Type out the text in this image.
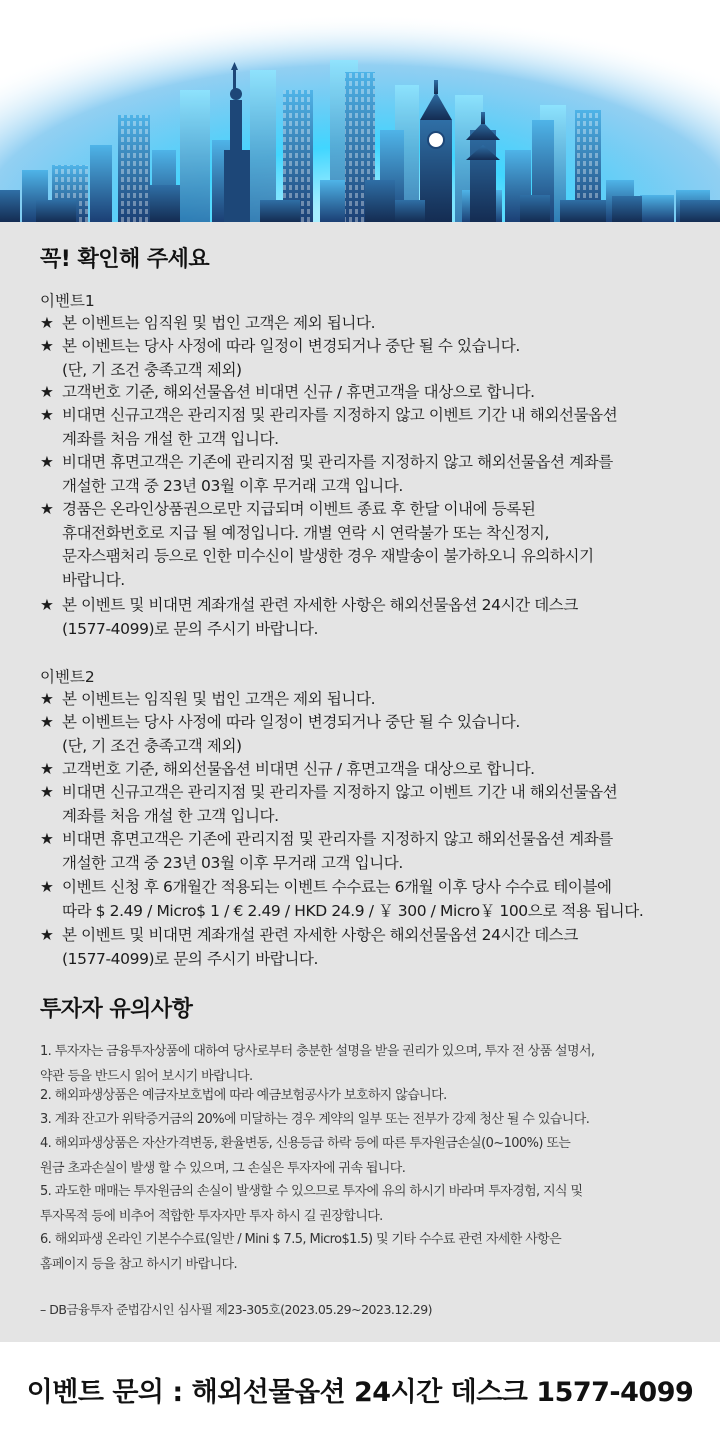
꼭! 확인해 주세요
이벤트1
★ 본 이벤트는 임직원 및 법인 고객은 제외 됩니다.
★ 본 이벤트는 당사 사정에 따라 일정이 변경되거나 중단 될 수 있습니다.
(단, 기 조건 충족고객 제외)
★ 고객번호 기준, 해외선물옵션 비대면 신규 / 휴면고객을 대상으로 합니다.
★ 비대면 신규고객은 관리지점 및 관리자를 지정하지 않고 이벤트 기간 내 해외선물옵션
계좌를 처음 개설 한 고객 입니다.
★ 비대면 휴면고객은 기존에 관리지점 및 관리자를 지정하지 않고 해외선물옵션 계좌를
개설한 고객 중 23년 03월 이후 무거래 고객 입니다.
★ 경품은 온라인상품권으로만 지급되며 이벤트 종료 후 한달 이내에 등록된
휴대전화번호로 지급 될 예정입니다. 개별 연락 시 연락불가 또는 착신정지,
문자스팸처리 등으로 인한 미수신이 발생한 경우 재발송이 불가하오니 유의하시기
바랍니다.
★ 본 이벤트 및 비대면 계좌개설 관련 자세한 사항은 해외선물옵션 24시간 데스크
(1577-4099)로 문의 주시기 바랍니다.
이벤트2
★ 본 이벤트는 임직원 및 법인 고객은 제외 됩니다.
★ 본 이벤트는 당사 사정에 따라 일정이 변경되거나 중단 될 수 있습니다.
(단, 기 조건 충족고객 제외)
★ 고객번호 기준, 해외선물옵션 비대면 신규 / 휴면고객을 대상으로 합니다.
★ 비대면 신규고객은 관리지점 및 관리자를 지정하지 않고 이벤트 기간 내 해외선물옵션
계좌를 처음 개설 한 고객 입니다.
★ 비대면 휴면고객은 기존에 관리지점 및 관리자를 지정하지 않고 해외선물옵션 계좌를
개설한 고객 중 23년 03월 이후 무거래 고객 입니다.
★ 이벤트 신청 후 6개월간 적용되는 이벤트 수수료는 6개월 이후 당사 수수료 테이블에
따라 $ 2.49 / Micro$ 1 / € 2.49 / HKD 24.9 / ￥ 300 / Micro￥ 100으로 적용 됩니다.
★ 본 이벤트 및 비대면 계좌개설 관련 자세한 사항은 해외선물옵션 24시간 데스크
(1577-4099)로 문의 주시기 바랍니다.
투자자 유의사항
1. 투자자는 금융투자상품에 대하여 당사로부터 충분한 설명을 받을 권리가 있으며, 투자 전 상품 설명서,
약관 등을 반드시 읽어 보시기 바랍니다.
2. 해외파생상품은 예금자보호법에 따라 예금보험공사가 보호하지 않습니다.
3. 계좌 잔고가 위탁증거금의 20%에 미달하는 경우 계약의 일부 또는 전부가 강제 청산 될 수 있습니다.
4. 해외파생상품은 자산가격변동, 환율변동, 신용등급 하락 등에 따른 투자원금손실(0~100%) 또는
원금 초과손실이 발생 할 수 있으며, 그 손실은 투자자에 귀속 됩니다.
5. 과도한 매매는 투자원금의 손실이 발생할 수 있으므로 투자에 유의 하시기 바라며 투자경험, 지식 및
투자목적 등에 비추어 적합한 투자자만 투자 하시 길 권장합니다.
6. 해외파생 온라인 기본수수료(일반 / Mini $ 7.5, Micro$1.5) 및 기타 수수료 관련 자세한 사항은
홈페이지 등을 참고 하시기 바랍니다.
– DB금융투자 준법감시인 심사필 제23-305호(2023.05.29~2023.12.29)
이벤트 문의 : 해외선물옵션 24시간 데스크 1577-4099
